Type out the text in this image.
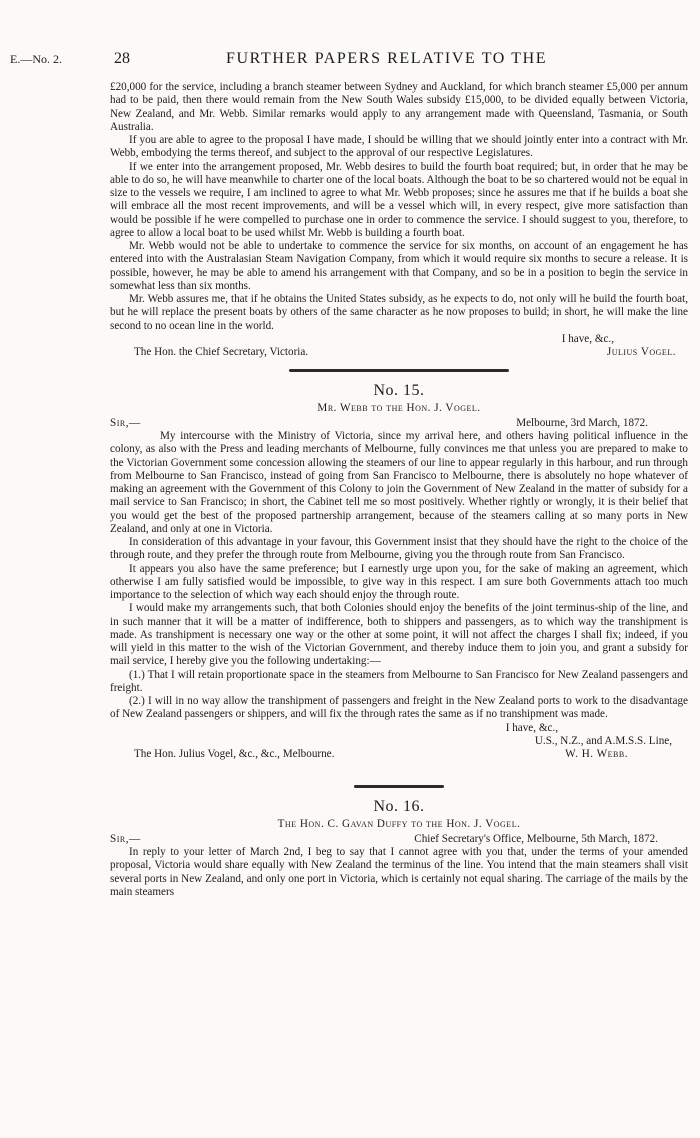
E.—No. 2.	28	FURTHER PAPERS RELATIVE TO THE

£20,000 for the service, including a branch steamer between Sydney and Auckland, for which branch steamer £5,000 per annum had to be paid, then there would remain from the New South Wales subsidy £15,000, to be divided equally between Victoria, New Zealand, and Mr. Webb. Similar remarks would apply to any arrangement made with Queensland, Tasmania, or South Australia.

If you are able to agree to the proposal I have made, I should be willing that we should jointly enter into a contract with Mr. Webb, embodying the terms thereof, and subject to the approval of our respective Legislatures.

If we enter into the arrangement proposed, Mr. Webb desires to build the fourth boat required; but, in order that he may be able to do so, he will have meanwhile to charter one of the local boats. Although the boat to be so chartered would not be equal in size to the vessels we require, I am inclined to agree to what Mr. Webb proposes; since he assures me that if he builds a boat she will embrace all the most recent improvements, and will be a vessel which will, in every respect, give more satisfaction than would be possible if he were compelled to purchase one in order to commence the service. I should suggest to you, therefore, to agree to allow a local boat to be used whilst Mr. Webb is building a fourth boat.

Mr. Webb would not be able to undertake to commence the service for six months, on account of an engagement he has entered into with the Australasian Steam Navigation Company, from which it would require six months to secure a release. It is possible, however, he may be able to amend his arrangement with that Company, and so be in a position to begin the service in somewhat less than six months.

Mr. Webb assures me, that if he obtains the United States subsidy, as he expects to do, not only will he build the fourth boat, but he will replace the present boats by others of the same character as he now proposes to build; in short, he will make the line second to no ocean line in the world.

I have, &c.,

The Hon. the Chief Secretary, Victoria.	Julius Vogel.
No. 15.
Mr. Webb to the Hon. J. Vogel.
Sir,—	Melbourne, 3rd March, 1872.

My intercourse with the Ministry of Victoria, since my arrival here, and others having political influence in the colony, as also with the Press and leading merchants of Melbourne, fully convinces me that unless you are prepared to make to the Victorian Government some concession allowing the steamers of our line to appear regularly in this harbour, and run through from Melbourne to San Francisco, instead of going from San Francisco to Melbourne, there is absolutely no hope whatever of making an agreement with the Government of this Colony to join the Government of New Zealand in the matter of subsidy for a mail service to San Francisco; in short, the Cabinet tell me so most positively. Whether rightly or wrongly, it is their belief that you would get the best of the proposed partnership arrangement, because of the steamers calling at so many ports in New Zealand, and only at one in Victoria.

In consideration of this advantage in your favour, this Government insist that they should have the right to the choice of the through route, and they prefer the through route from Melbourne, giving you the through route from San Francisco.

It appears you also have the same preference; but I earnestly urge upon you, for the sake of making an agreement, which otherwise I am fully satisfied would be impossible, to give way in this respect. I am sure both Governments attach too much importance to the selection of which way each should enjoy the through route.

I would make my arrangements such, that both Colonies should enjoy the benefits of the joint terminus-ship of the line, and in such manner that it will be a matter of indifference, both to shippers and passengers, as to which way the transhipment is made. As transhipment is necessary one way or the other at some point, it will not affect the charges I shall fix; indeed, if you will yield in this matter to the wish of the Victorian Government, and thereby induce them to join you, and grant a subsidy for mail service, I hereby give you the following undertaking:—

(1.) That I will retain proportionate space in the steamers from Melbourne to San Francisco for New Zealand passengers and freight.

(2.) I will in no way allow the transhipment of passengers and freight in the New Zealand ports to work to the disadvantage of New Zealand passengers or shippers, and will fix the through rates the same as if no transhipment was made.

I have, &c.,

U.S., N.Z., and A.M.S.S. Line,

The Hon. Julius Vogel, &c., &c., Melbourne.	W. H. Webb.
No. 16.
The Hon. C. Gavan Duffy to the Hon. J. Vogel.
Sir,—	Chief Secretary's Office, Melbourne, 5th March, 1872.

In reply to your letter of March 2nd, I beg to say that I cannot agree with you that, under the terms of your amended proposal, Victoria would share equally with New Zealand the terminus of the line. You intend that the main steamers shall visit several ports in New Zealand, and only one port in Victoria, which is certainly not equal sharing. The carriage of the mails by the main steamers
